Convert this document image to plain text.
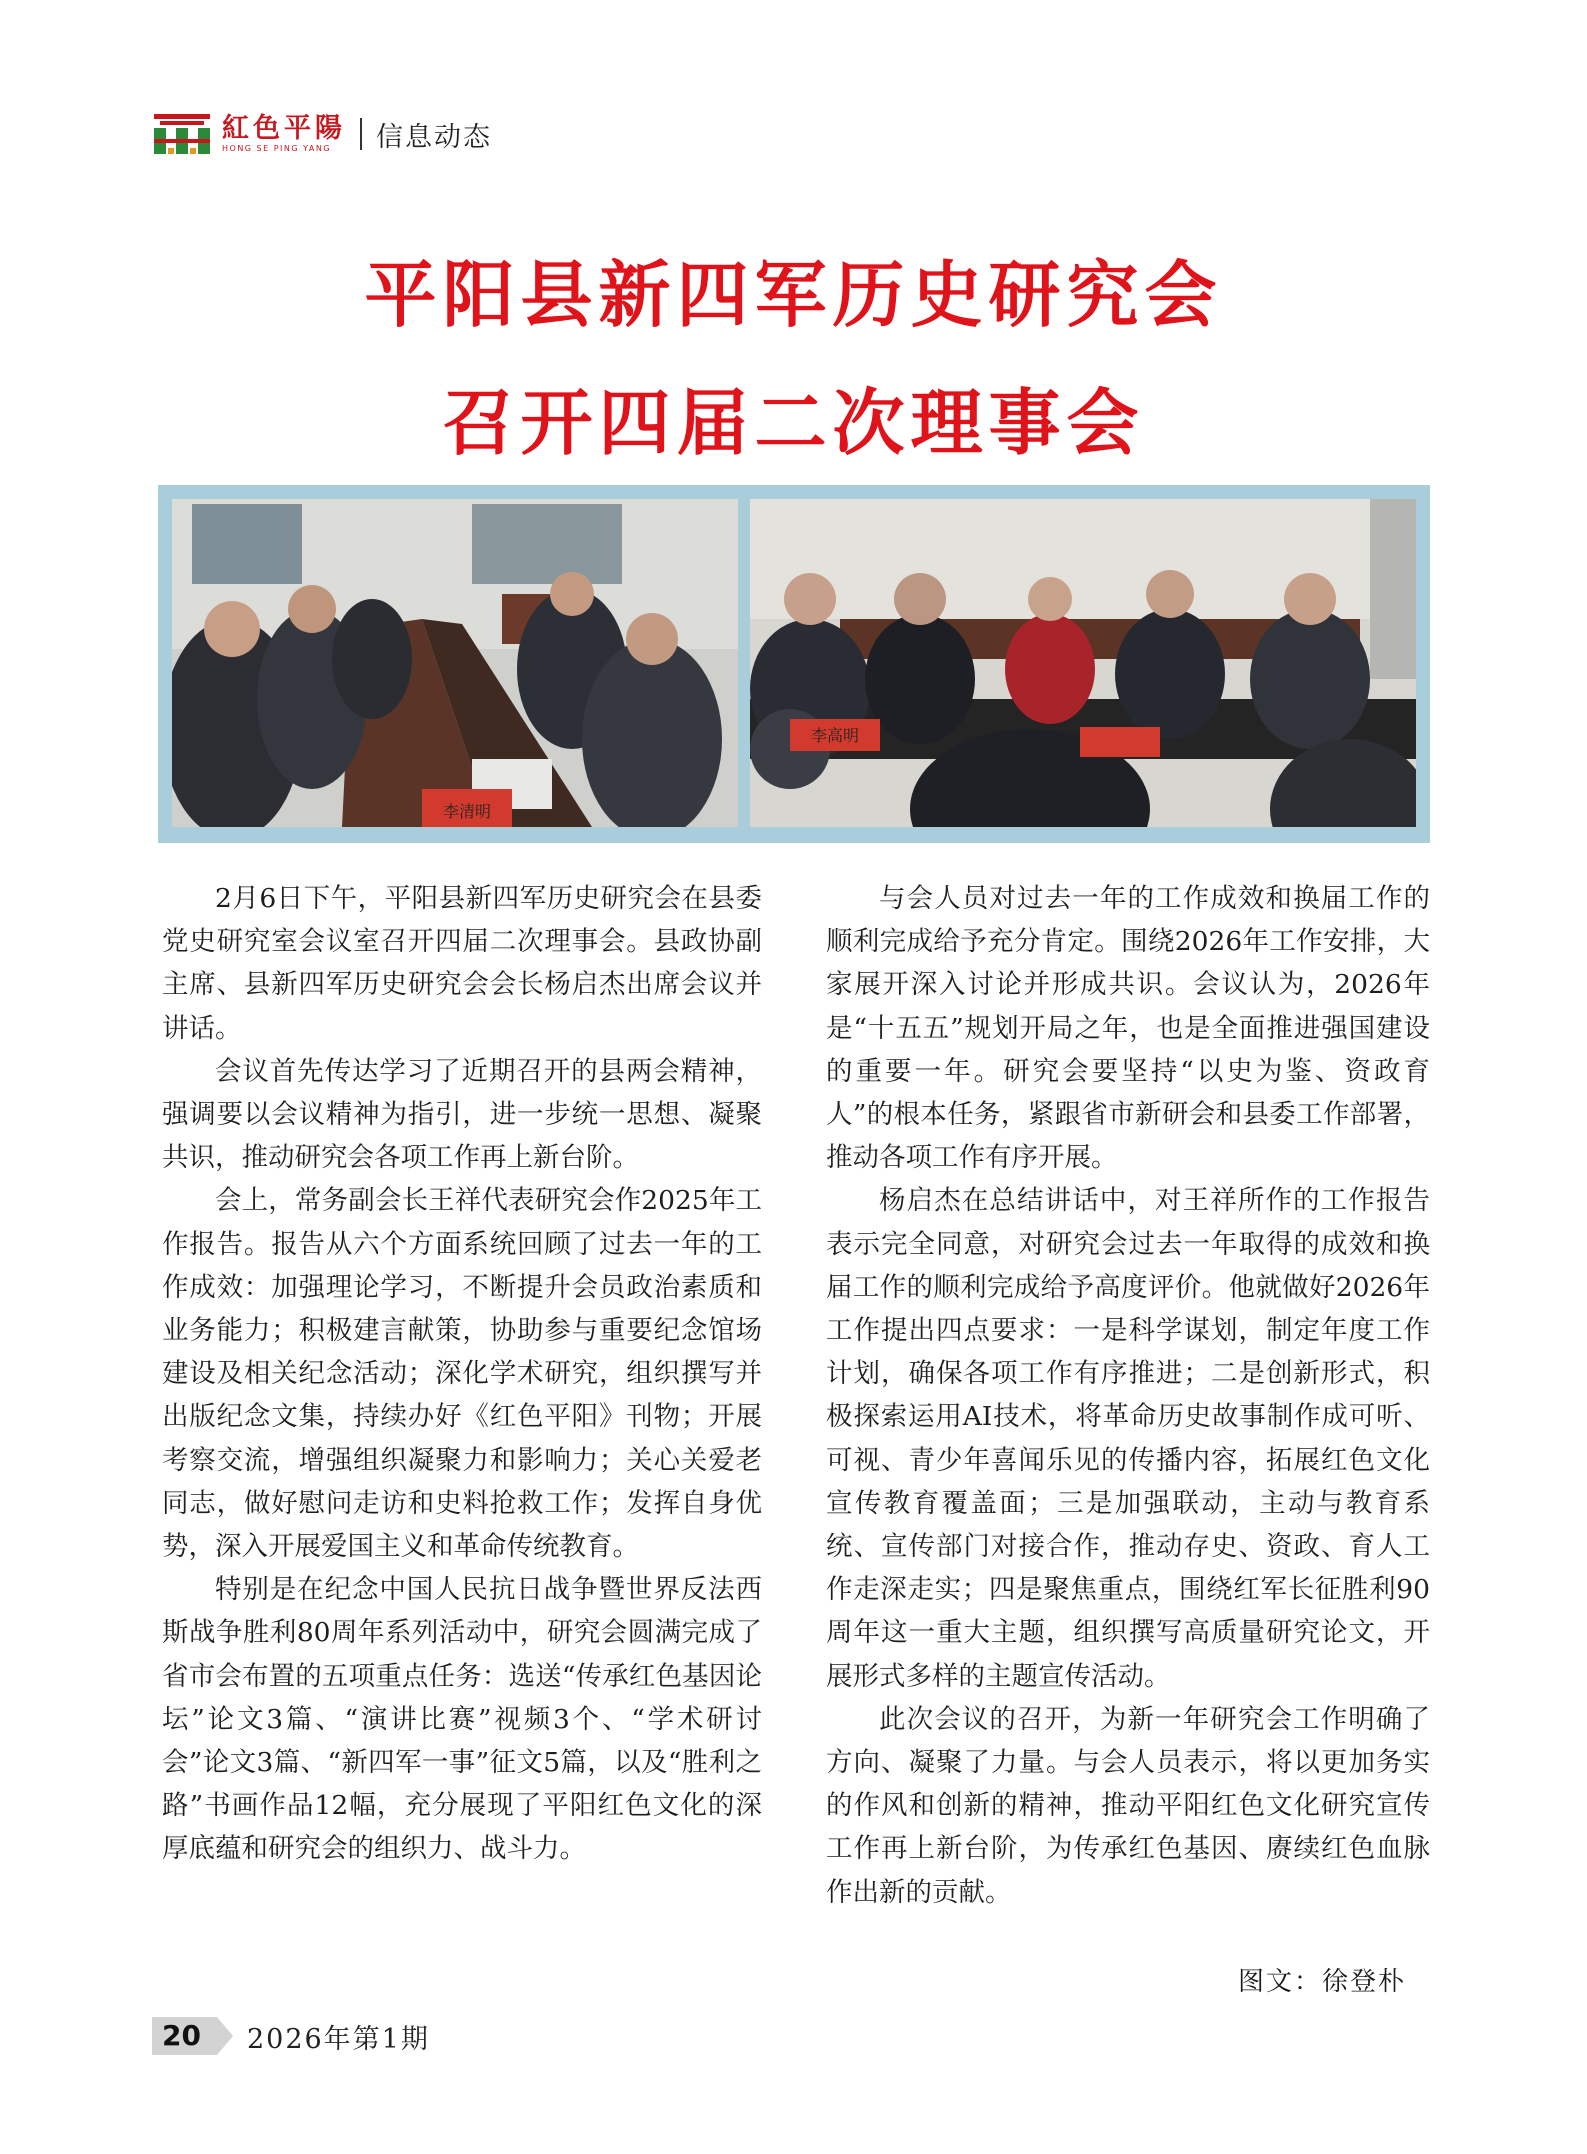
紅色平陽
HONG SE PING YANG	信息动态
平阳县新四军历史研究会
召开四届二次理事会
李清明
李高明

2月6日下午，平阳县新四军历史研究会在县委党史研究室会议室召开四届二次理事会。县政协副主席、县新四军历史研究会会长杨启杰出席会议并讲话。

会议首先传达学习了近期召开的县两会精神，强调要以会议精神为指引，进一步统一思想、凝聚共识，推动研究会各项工作再上新台阶。

会上，常务副会长王祥代表研究会作2025年工作报告。报告从六个方面系统回顾了过去一年的工作成效：加强理论学习，不断提升会员政治素质和业务能力；积极建言献策，协助参与重要纪念馆场建设及相关纪念活动；深化学术研究，组织撰写并出版纪念文集，持续办好《红色平阳》刊物；开展考察交流，增强组织凝聚力和影响力；关心关爱老同志，做好慰问走访和史料抢救工作；发挥自身优势，深入开展爱国主义和革命传统教育。

特别是在纪念中国人民抗日战争暨世界反法西斯战争胜利80周年系列活动中，研究会圆满完成了省市会布置的五项重点任务：选送“传承红色基因论坛”论文3篇、“演讲比赛”视频3个、“学术研讨会”论文3篇、“新四军一事”征文5篇，以及“胜利之路”书画作品12幅，充分展现了平阳红色文化的深厚底蕴和研究会的组织力、战斗力。

与会人员对过去一年的工作成效和换届工作的顺利完成给予充分肯定。围绕2026年工作安排，大家展开深入讨论并形成共识。会议认为，2026年是“十五五”规划开局之年，也是全面推进强国建设的重要一年。研究会要坚持“以史为鉴、资政育人”的根本任务，紧跟省市新研会和县委工作部署，推动各项工作有序开展。

杨启杰在总结讲话中，对王祥所作的工作报告表示完全同意，对研究会过去一年取得的成效和换届工作的顺利完成给予高度评价。他就做好2026年工作提出四点要求：一是科学谋划，制定年度工作计划，确保各项工作有序推进；二是创新形式，积极探索运用AI技术，将革命历史故事制作成可听、可视、青少年喜闻乐见的传播内容，拓展红色文化宣传教育覆盖面；三是加强联动，主动与教育系统、宣传部门对接合作，推动存史、资政、育人工作走深走实；四是聚焦重点，围绕红军长征胜利90周年这一重大主题，组织撰写高质量研究论文，开展形式多样的主题宣传活动。

此次会议的召开，为新一年研究会工作明确了方向、凝聚了力量。与会人员表示，将以更加务实的作风和创新的精神，推动平阳红色文化研究宣传工作再上新台阶，为传承红色基因、赓续红色血脉作出新的贡献。

图文：徐登朴
20	2026年第1期
